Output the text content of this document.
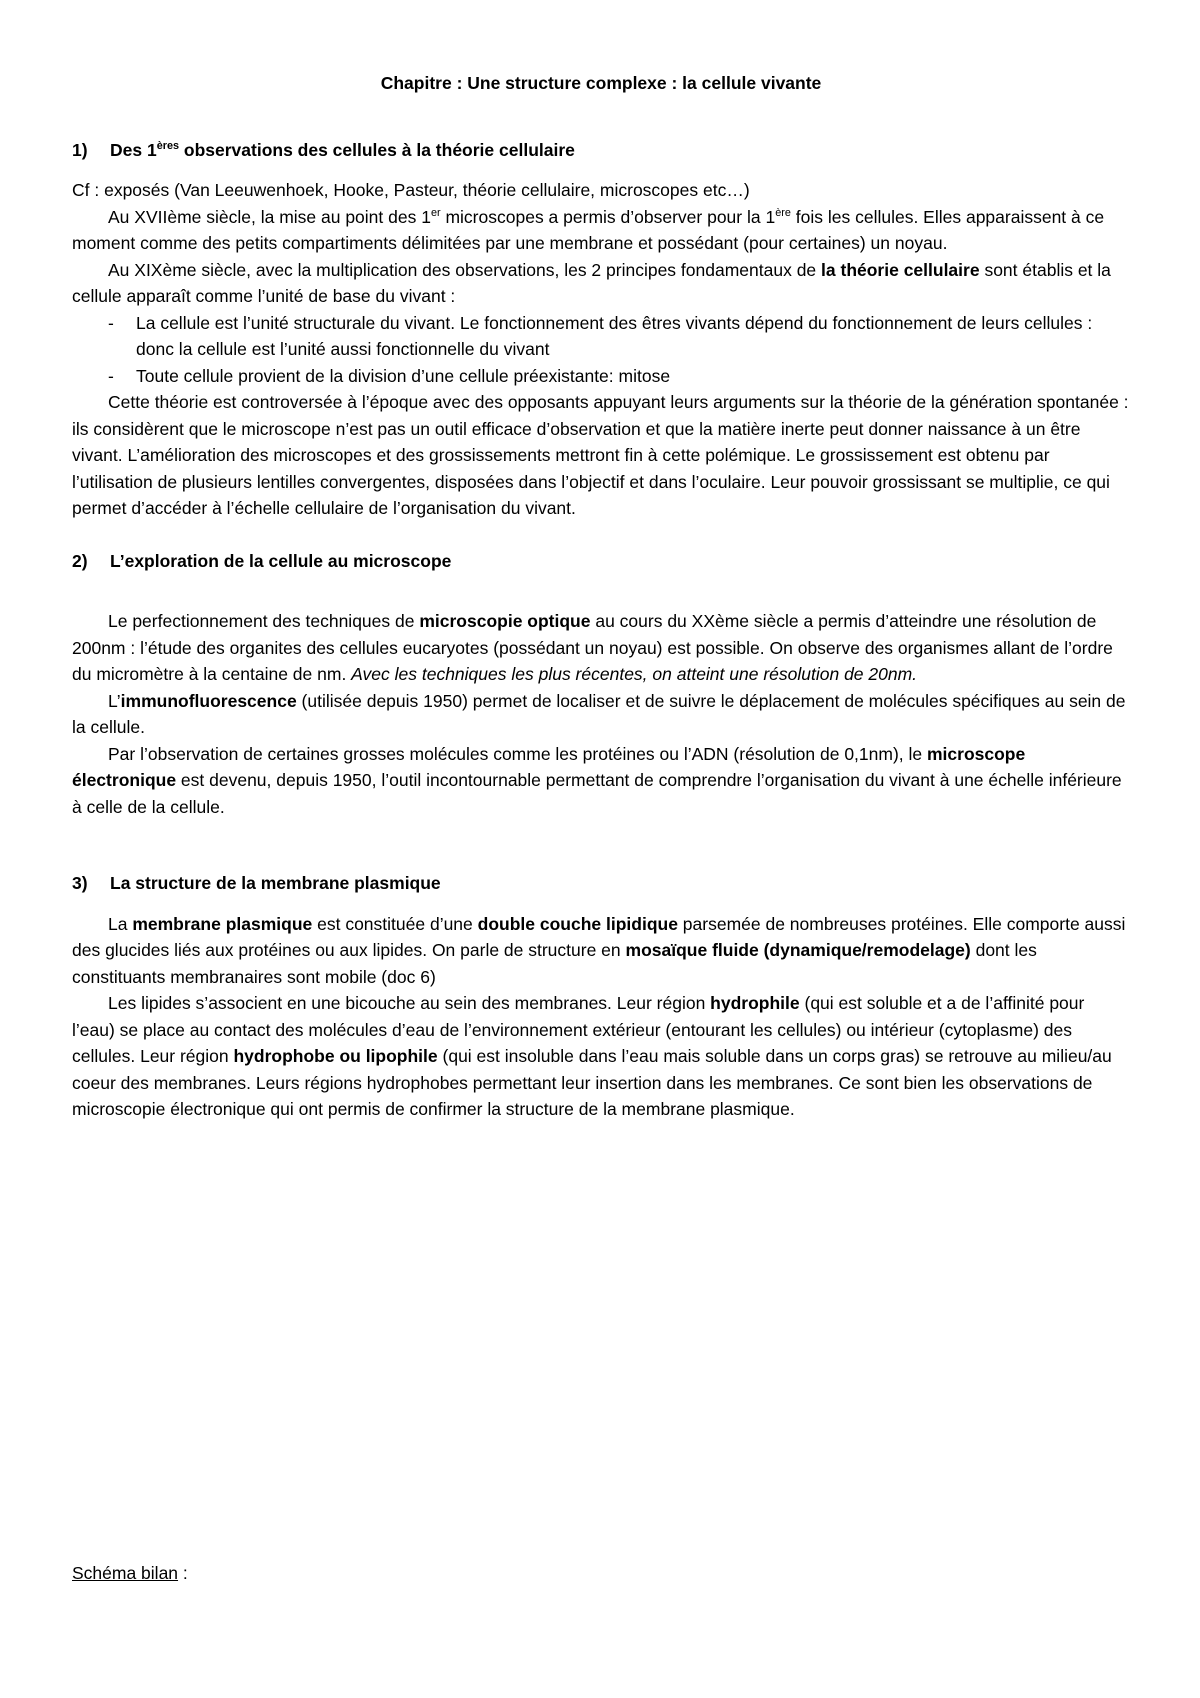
Chapitre : Une structure complexe : la cellule vivante

1) Des 1ères observations des cellules à la théorie cellulaire

Cf : exposés (Van Leeuwenhoek, Hooke, Pasteur, théorie cellulaire, microscopes etc…)

Au XVIIème siècle, la mise au point des 1er microscopes a permis d’observer pour la 1ère fois les cellules. Elles apparaissent à ce moment comme des petits compartiments délimitées par une membrane et possédant (pour certaines) un noyau.

Au XIXème siècle, avec la multiplication des observations, les 2 principes fondamentaux de la théorie cellulaire sont établis et la cellule apparaît comme l’unité de base du vivant :

- La cellule est l’unité structurale du vivant. Le fonctionnement des êtres vivants dépend du fonctionnement de leurs cellules : donc la cellule est l’unité aussi fonctionnelle du vivant
- Toute cellule provient de la division d’une cellule préexistante: mitose

Cette théorie est controversée à l’époque avec des opposants appuyant leurs arguments sur la théorie de la génération spontanée : ils considèrent que le microscope n’est pas un outil efficace d’observation et que la matière inerte peut donner naissance à un être vivant. L’amélioration des microscopes et des grossissements mettront fin à cette polémique. Le grossissement est obtenu par l’utilisation de plusieurs lentilles convergentes, disposées dans l’objectif et dans l’oculaire. Leur pouvoir grossissant se multiplie, ce qui permet d’accéder à l’échelle cellulaire de l’organisation du vivant.

2) L’exploration de la cellule au microscope

Le perfectionnement des techniques de microscopie optique au cours du XXème siècle a permis d’atteindre une résolution de 200nm : l’étude des organites des cellules eucaryotes (possédant un noyau) est possible. On observe des organismes allant de l’ordre du micromètre à la centaine de nm. Avec les techniques les plus récentes, on atteint une résolution de 20nm.

L’immunofluorescence (utilisée depuis 1950) permet de localiser et de suivre le déplacement de molécules spécifiques au sein de la cellule.

Par l’observation de certaines grosses molécules comme les protéines ou l’ADN (résolution de 0,1nm), le microscope électronique est devenu, depuis 1950, l’outil incontournable permettant de comprendre l’organisation du vivant à une échelle inférieure à celle de la cellule.

3) La structure de la membrane plasmique

La membrane plasmique est constituée d’une double couche lipidique parsemée de nombreuses protéines. Elle comporte aussi des glucides liés aux protéines ou aux lipides. On parle de structure en mosaïque fluide (dynamique/remodelage) dont les constituants membranaires sont mobile (doc 6)

Les lipides s’associent en une bicouche au sein des membranes. Leur région hydrophile (qui est soluble et a de l’affinité pour l’eau) se place au contact des molécules d’eau de l’environnement extérieur (entourant les cellules) ou intérieur (cytoplasme) des cellules. Leur région hydrophobe ou lipophile (qui est insoluble dans l’eau mais soluble dans un corps gras) se retrouve au milieu/au coeur des membranes. Leurs régions hydrophobes permettant leur insertion dans les membranes. Ce sont bien les observations de microscopie électronique qui ont permis de confirmer la structure de la membrane plasmique.

Schéma bilan :
